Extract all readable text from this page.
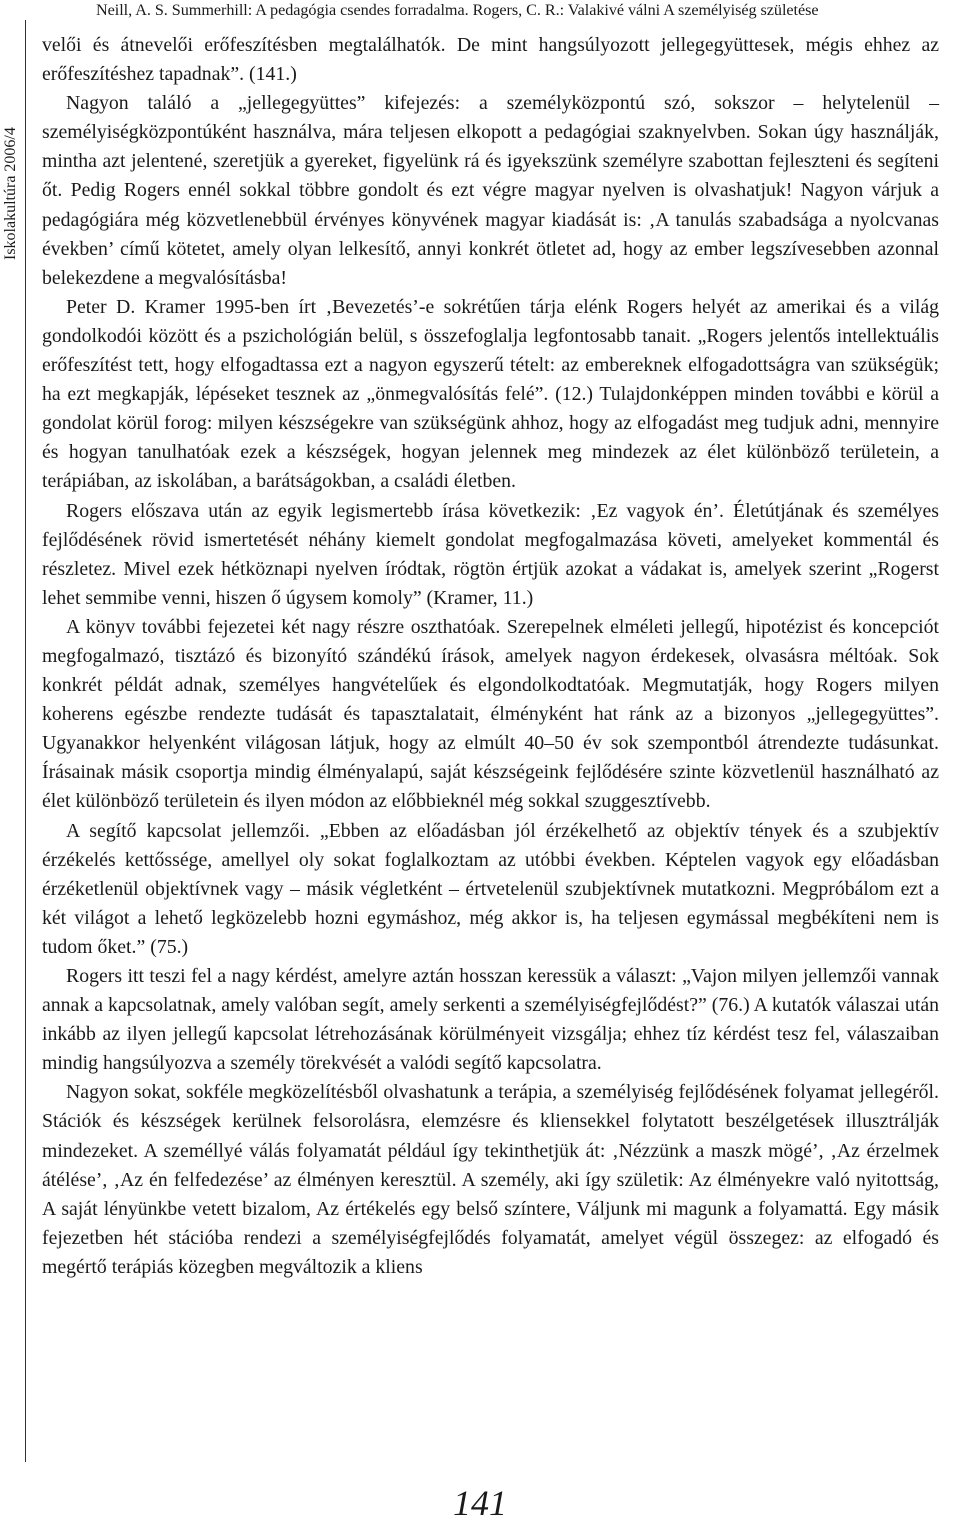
Neill, A. S. Summerhill: A pedagógia csendes forradalma. Rogers, C. R.: Valakivé válni A személyiség születése
Iskolakultúra 2006/4

velői és átnevelői erőfeszítésben megtalálhatók. De mint hangsúlyozott jellegegyüttesek, mégis ehhez az erőfeszítéshez tapadnak”. (141.)

Nagyon találó a „jellegegyüttes” kifejezés: a személyközpontú szó, sokszor – helytelenül – személyiségközpontúként használva, mára teljesen elkopott a pedagógiai szaknyelvben. Sokan úgy használják, mintha azt jelentené, szeretjük a gyereket, figyelünk rá és igyekszünk személyre szabottan fejleszteni és segíteni őt. Pedig Rogers ennél sokkal többre gondolt és ezt végre magyar nyelven is olvashatjuk! Nagyon várjuk a pedagógiára még közvetlenebbül érvényes könyvének magyar kiadását is: ‚A tanulás szabadsága a nyolcvanas években’ című kötetet, amely olyan lelkesítő, annyi konkrét ötletet ad, hogy az ember legszívesebben azonnal belekezdene a megvalósításba!

Peter D. Kramer 1995-ben írt ‚Bevezetés’-e sokrétűen tárja elénk Rogers helyét az amerikai és a világ gondolkodói között és a pszichológián belül, s összefoglalja legfontosabb tanait. „Rogers jelentős intellektuális erőfeszítést tett, hogy elfogadtassa ezt a nagyon egyszerű tételt: az embereknek elfogadottságra van szükségük; ha ezt megkapják, lépéseket tesznek az „önmegvalósítás felé”. (12.) Tulajdonképpen minden további e körül a gondolat körül forog: milyen készségekre van szükségünk ahhoz, hogy az elfogadást meg tudjuk adni, mennyire és hogyan tanulhatóak ezek a készségek, hogyan jelennek meg mindezek az élet különböző területein, a terápiában, az iskolában, a barátságokban, a családi életben.

Rogers előszava után az egyik legismertebb írása következik: ‚Ez vagyok én’. Életútjának és személyes fejlődésének rövid ismertetését néhány kiemelt gondolat megfogalmazása követi, amelyeket kommentál és részletez. Mivel ezek hétköznapi nyelven íródtak, rögtön értjük azokat a vádakat is, amelyek szerint „Rogerst lehet semmibe venni, hiszen ő úgysem komoly” (Kramer, 11.)

A könyv további fejezetei két nagy részre oszthatóak. Szerepelnek elméleti jellegű, hipotézist és koncepciót megfogalmazó, tisztázó és bizonyító szándékú írások, amelyek nagyon érdekesek, olvasásra méltóak. Sok konkrét példát adnak, személyes hangvételűek és elgondolkodtatóak. Megmutatják, hogy Rogers milyen koherens egészbe rendezte tudását és tapasztalatait, élményként hat ránk az a bizonyos „jellegegyüttes”. Ugyanakkor helyenként világosan látjuk, hogy az elmúlt 40–50 év sok szempontból átrendezte tudásunkat. Írásainak másik csoportja mindig élményalapú, saját készségeink fejlődésére szinte közvetlenül használható az élet különböző területein és ilyen módon az előbbieknél még sokkal szuggesztívebb.

A segítő kapcsolat jellemzői. „Ebben az előadásban jól érzékelhető az objektív tények és a szubjektív érzékelés kettőssége, amellyel oly sokat foglalkoztam az utóbbi években. Képtelen vagyok egy előadásban érzéketlenül objektívnek vagy – másik végletként – értvetelenül szubjektívnek mutatkozni. Megpróbálom ezt a két világot a lehető legközelebb hozni egymáshoz, még akkor is, ha teljesen egymással megbékíteni nem is tudom őket.” (75.)

Rogers itt teszi fel a nagy kérdést, amelyre aztán hosszan keressük a választ: „Vajon milyen jellemzői vannak annak a kapcsolatnak, amely valóban segít, amely serkenti a személyiségfejlődést?” (76.) A kutatók válaszai után inkább az ilyen jellegű kapcsolat létrehozásának körülményeit vizsgálja; ehhez tíz kérdést tesz fel, válaszaiban mindig hangsúlyozva a személy törekvését a valódi segítő kapcsolatra.

Nagyon sokat, sokféle megközelítésből olvashatunk a terápia, a személyiség fejlődésének folyamat jellegéről. Stációk és készségek kerülnek felsorolásra, elemzésre és kliensekkel folytatott beszélgetések illusztrálják mindezeket. A személlyé válás folyamatát például így tekinthetjük át: ‚Nézzünk a maszk mögé’, ‚Az érzelmek átélése’, ‚Az én felfedezése’ az élményen keresztül. A személy, aki így születik: Az élményekre való nyitottság, A saját lényünkbe vetett bizalom, Az értékelés egy belső színtere, Váljunk mi magunk a folyamattá. Egy másik fejezetben hét stációba rendezi a személyiségfejlődés folyamatát, amelyet végül összegez: az elfogadó és megértő terápiás közegben megváltozik a kliens

141
